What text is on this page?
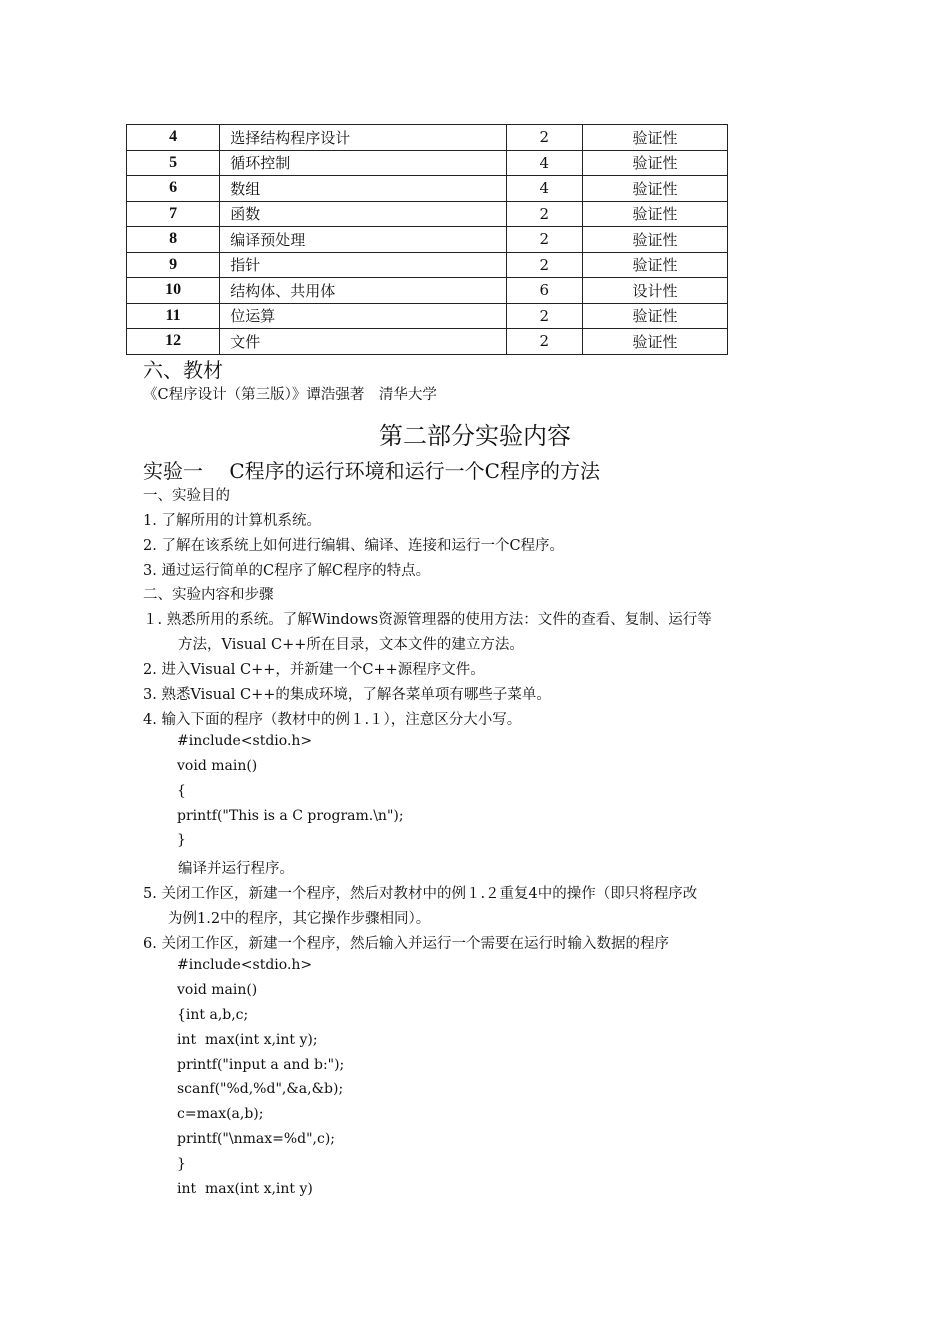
4	选择结构程序设计	2	验证性
5	循环控制	4	验证性
6	数组	4	验证性
7	函数	2	验证性
8	编译预处理	2	验证性
9	指针	2	验证性
10	结构体、共用体	6	设计性
11	位运算	2	验证性
12	文件	2	验证性
六、教材
《C程序设计（第三版）》谭浩强著　清华大学
第二部分实验内容
实验一　 C程序的运行环境和运行一个C程序的方法
一、实验目的
1. 了解所用的计算机系统。
2. 了解在该系统上如何进行编辑、编译、连接和运行一个C程序。
3. 通过运行简单的C程序了解C程序的特点。
二、实验内容和步骤
１. 熟悉所用的系统。了解Windows资源管理器的使用方法：文件的查看、复制、运行等
方法，Visual C++所在目录，文本文件的建立方法。
2. 进入Visual C++，并新建一个C++源程序文件。
3. 熟悉Visual C++的集成环境，了解各菜单项有哪些子菜单。
4. 输入下面的程序（教材中的例１.１），注意区分大小写。
#include<stdio.h>
void main()
{
printf("This is a C program.\n");
}
编译并运行程序。
5. 关闭工作区，新建一个程序，然后对教材中的例１.２重复4中的操作（即只将程序改
为例1.2中的程序，其它操作步骤相同）。
6. 关闭工作区，新建一个程序，然后输入并运行一个需要在运行时输入数据的程序
#include<stdio.h>
void main()
{int a,b,c;
int  max(int x,int y);
printf("input a and b:");
scanf("%d,%d",&a,&b);
c=max(a,b);
printf("\nmax=%d",c);
}
int  max(int x,int y)
